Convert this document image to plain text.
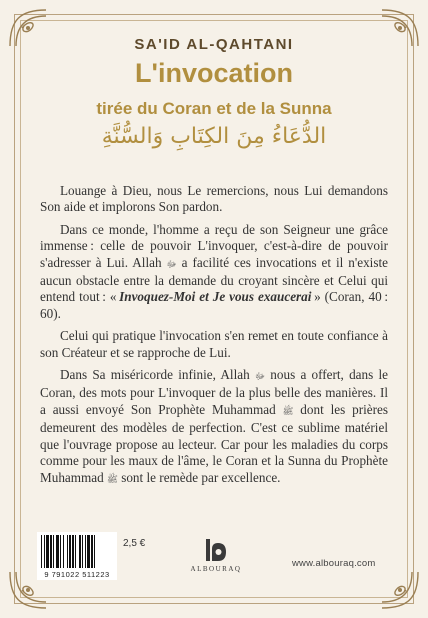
SA'ID AL-QAHTANI
L'invocation
tirée du Coran et de la Sunna
الدُّعَاءُ مِنَ الكِتَابِ وَالسُّنَّةِ

Louange à Dieu, nous Le remercions, nous Lui demandons Son aide et implorons Son pardon.

Dans ce monde, l'homme a reçu de son Seigneur une grâce immense : celle de pouvoir L'invoquer, c'est-à-dire de pouvoir s'adresser à Lui. Allah ﷻ a facilité ces invocations et il n'existe aucun obstacle entre la demande du croyant sincère et Celui qui entend tout : « Invoquez-Moi et Je vous exaucerai » (Coran, 40 : 60).

Celui qui pratique l'invocation s'en remet en toute confiance à son Créateur et se rapproche de Lui.

Dans Sa miséricorde infinie, Allah ﷻ nous a offert, dans le Coran, des mots pour L'invoquer de la plus belle des manières. Il a aussi envoyé Son Prophète Muhammad ﷺ dont les prières demeurent des modèles de perfection. C'est ce sublime matériel que l'ouvrage propose au lecteur. Car pour les maladies du corps comme pour les maux de l'âme, le Coran et la Sunna du Prophète Muhammad ﷺ sont le remède par excellence.

9 791022 511223
2,5 €
ALBOURAQ	www.albouraq.com
